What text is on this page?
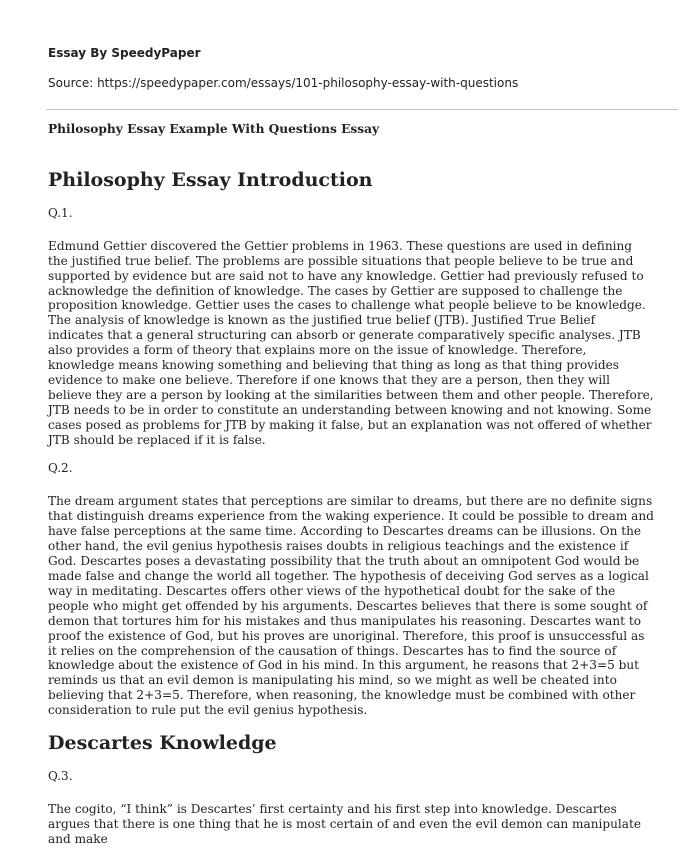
Essay By SpeedyPaper
Source: https://speedypaper.com/essays/101-philosophy-essay-with-questions
Philosophy Essay Example With Questions Essay
Philosophy Essay Introduction
Q.1.

Edmund Gettier discovered the Gettier problems in 1963. These questions are used in defining the justified true belief. The problems are possible situations that people believe to be true and supported by evidence but are said not to have any knowledge. Gettier had previously refused to acknowledge the definition of knowledge. The cases by Gettier are supposed to challenge the proposition knowledge. Gettier uses the cases to challenge what people believe to be knowledge. The analysis of knowledge is known as the justified true belief (JTB). Justified True Belief indicates that a general structuring can absorb or generate comparatively specific analyses. JTB also provides a form of theory that explains more on the issue of knowledge. Therefore, knowledge means knowing something and believing that thing as long as that thing provides evidence to make one believe. Therefore if one knows that they are a person, then they will believe they are a person by looking at the similarities between them and other people. Therefore, JTB needs to be in order to constitute an understanding between knowing and not knowing. Some cases posed as problems for JTB by making it false, but an explanation was not offered of whether JTB should be replaced if it is false.

Q.2.

The dream argument states that perceptions are similar to dreams, but there are no definite signs that distinguish dreams experience from the waking experience. It could be possible to dream and have false perceptions at the same time. According to Descartes dreams can be illusions. On the other hand, the evil genius hypothesis raises doubts in religious teachings and the existence if God. Descartes poses a devastating possibility that the truth about an omnipotent God would be made false and change the world all together. The hypothesis of deceiving God serves as a logical way in meditating. Descartes offers other views of the hypothetical doubt for the sake of the people who might get offended by his arguments. Descartes believes that there is some sought of demon that tortures him for his mistakes and thus manipulates his reasoning. Descartes want to proof the existence of God, but his proves are unoriginal. Therefore, this proof is unsuccessful as it relies on the comprehension of the causation of things. Descartes has to find the source of knowledge about the existence of God in his mind. In this argument, he reasons that 2+3=5 but reminds us that an evil demon is manipulating his mind, so we might as well be cheated into believing that 2+3=5. Therefore, when reasoning, the knowledge must be combined with other consideration to rule put the evil genius hypothesis.

Descartes Knowledge
Q.3.

The cogito, “I think” is Descartes’ first certainty and his first step into knowledge. Descartes argues that there is one thing that he is most certain of and even the evil demon can manipulate and make
